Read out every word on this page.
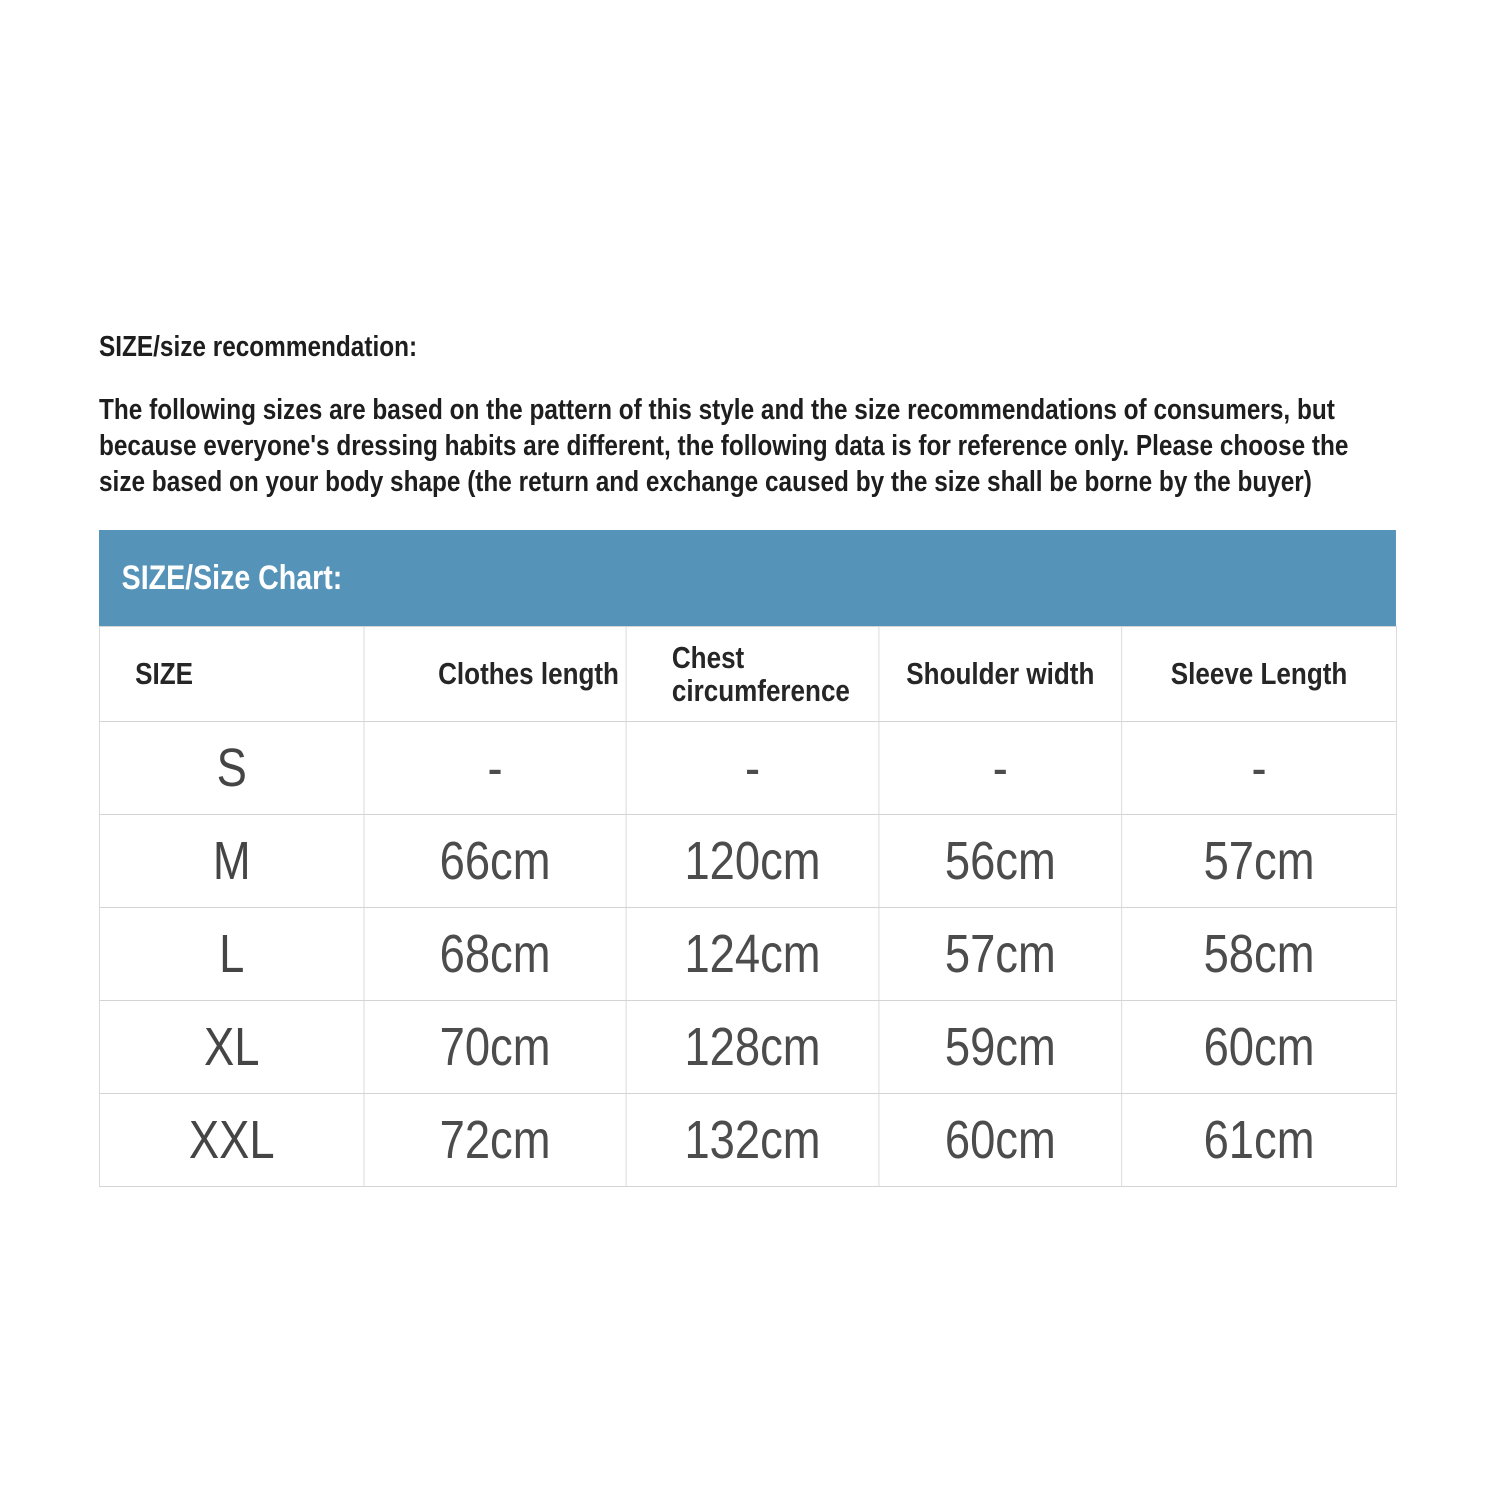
SIZE/size recommendation:

The following sizes are based on the pattern of this style and the size recommendations of consumers, but because everyone's dressing habits are different, the following data is for reference only. Please choose the size based on your body shape (the return and exchange caused by the size shall be borne by the buyer)

SIZE/Size Chart:
SIZE	Clothes length	Chest circumference	Shoulder width	Sleeve Length
S	-	-	-	-
M	66cm	120cm	56cm	57cm
L	68cm	124cm	57cm	58cm
XL	70cm	128cm	59cm	60cm
XXL	72cm	132cm	60cm	61cm
